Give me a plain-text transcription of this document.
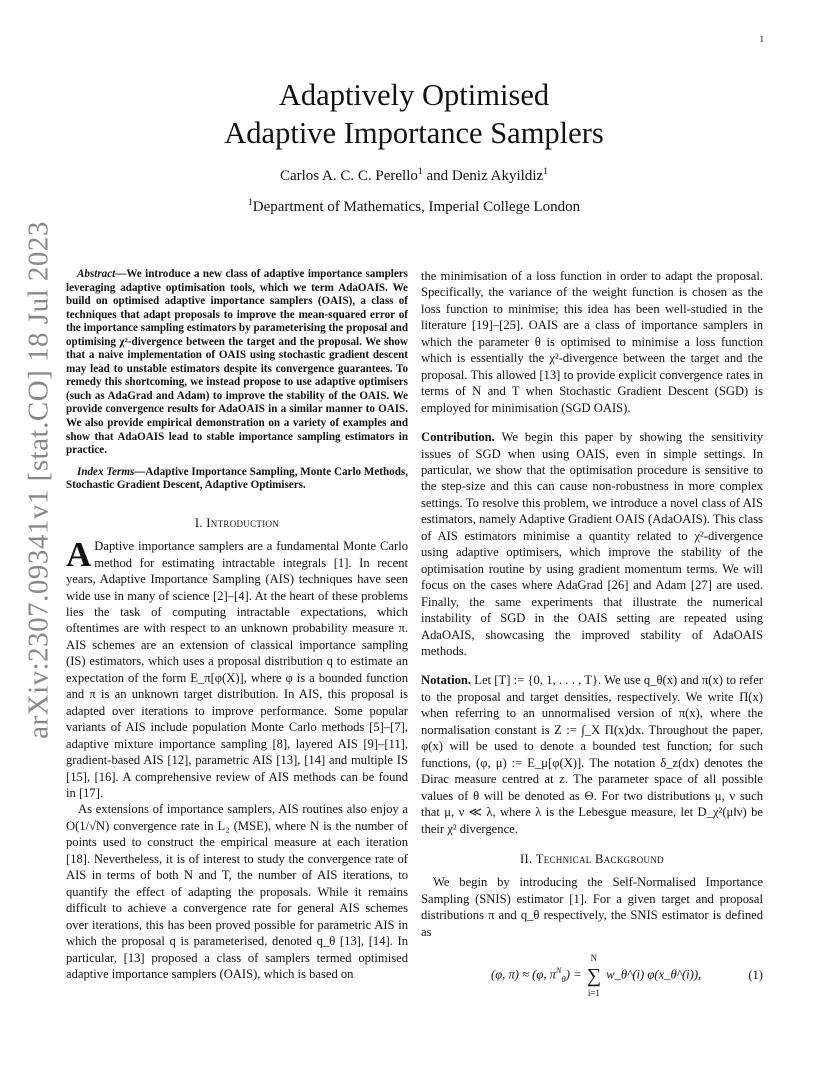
1
arXiv:2307.09341v1 [stat.CO] 18 Jul 2023
Adaptively Optimised
Adaptive Importance Samplers
Carlos A. C. C. Perello$^1$ and Deniz Akyildiz$^1$
$^1$Department of Mathematics, Imperial College London

Abstract—We introduce a new class of adaptive importance samplers leveraging adaptive optimisation tools, which we term AdaOAIS. We build on optimised adaptive importance samplers (OAIS), a class of techniques that adapt proposals to improve the mean-squared error of the importance sampling estimators by parameterising the proposal and optimising χ²-divergence between the target and the proposal. We show that a naive implementation of OAIS using stochastic gradient descent may lead to unstable estimators despite its convergence guarantees. To remedy this shortcoming, we instead propose to use adaptive optimisers (such as AdaGrad and Adam) to improve the stability of the OAIS. We provide convergence results for AdaOAIS in a similar manner to OAIS. We also provide empirical demonstration on a variety of examples and show that AdaOAIS lead to stable importance sampling estimators in practice.

Index Terms—Adaptive Importance Sampling, Monte Carlo Methods, Stochastic Gradient Descent, Adaptive Optimisers.

I. Introduction

A Daptive importance samplers are a fundamental Monte Carlo method for estimating intractable integrals [1]. In recent years, Adaptive Importance Sampling (AIS) techniques have seen wide use in many of science [2]–[4]. At the heart of these problems lies the task of computing intractable expectations, which oftentimes are with respect to an unknown probability measure π. AIS schemes are an extension of classical importance sampling (IS) estimators, which uses a proposal distribution q to estimate an expectation of the form E_π[φ(X)], where φ is a bounded function and π is an unknown target distribution. In AIS, this proposal is adapted over iterations to improve performance. Some popular variants of AIS include population Monte Carlo methods [5]–[7], adaptive mixture importance sampling [8], layered AIS [9]–[11], gradient-based AIS [12], parametric AIS [13], [14] and multiple IS [15], [16]. A comprehensive review of AIS methods can be found in [17].

As extensions of importance samplers, AIS routines also enjoy a O(1/√N) convergence rate in L₂ (MSE), where N is the number of points used to construct the empirical measure at each iteration [18]. Nevertheless, it is of interest to study the convergence rate of AIS in terms of both N and T, the number of AIS iterations, to quantify the effect of adapting the proposals. While it remains difficult to achieve a convergence rate for general AIS schemes over iterations, this has been proved possible for parametric AIS in which the proposal q is parameterised, denoted q_θ [13], [14]. In particular, [13] proposed a class of samplers termed optimised adaptive importance samplers (OAIS), which is based on

the minimisation of a loss function in order to adapt the proposal. Specifically, the variance of the weight function is chosen as the loss function to minimise; this idea has been well-studied in the literature [19]–[25]. OAIS are a class of importance samplers in which the parameter θ is optimised to minimise a loss function which is essentially the χ²-divergence between the target and the proposal. This allowed [13] to provide explicit convergence rates in terms of N and T when Stochastic Gradient Descent (SGD) is employed for minimisation (SGD OAIS).

Contribution. We begin this paper by showing the sensitivity issues of SGD when using OAIS, even in simple settings. In particular, we show that the optimisation procedure is sensitive to the step-size and this can cause non-robustness in more complex settings. To resolve this problem, we introduce a novel class of AIS estimators, namely Adaptive Gradient OAIS (AdaOAIS). This class of AIS estimators minimise a quantity related to χ²-divergence using adaptive optimisers, which improve the stability of the optimisation routine by using gradient momentum terms. We will focus on the cases where AdaGrad [26] and Adam [27] are used. Finally, the same experiments that illustrate the numerical instability of SGD in the OAIS setting are repeated using AdaOAIS, showcasing the improved stability of AdaOAIS methods.

Notation. Let [T] := {0, 1, . . . , T}. We use q_θ(x) and π(x) to refer to the proposal and target densities, respectively. We write Π(x) when referring to an unnormalised version of π(x), where the normalisation constant is Z := ∫_X Π(x)dx. Throughout the paper, φ(x) will be used to denote a bounded test function; for such functions, (φ, μ) := E_μ[φ(X)]. The notation δ_z(dx) denotes the Dirac measure centred at z. The parameter space of all possible values of θ will be denoted as Θ. For two distributions μ, ν such that μ, ν ≪ λ, where λ is the Lebesgue measure, let D_χ²(μ‖ν) be their χ² divergence.

II. Technical Background

We begin by introducing the Self-Normalised Importance Sampling (SNIS) estimator [1]. For a given target and proposal distributions π and q_θ respectively, the SNIS estimator is defined as

(φ, π) ≈ (φ, $\pi^N_\theta$) =
N
∑
i=1
w_θ^(i) φ(x_θ^(i)),	(1)
